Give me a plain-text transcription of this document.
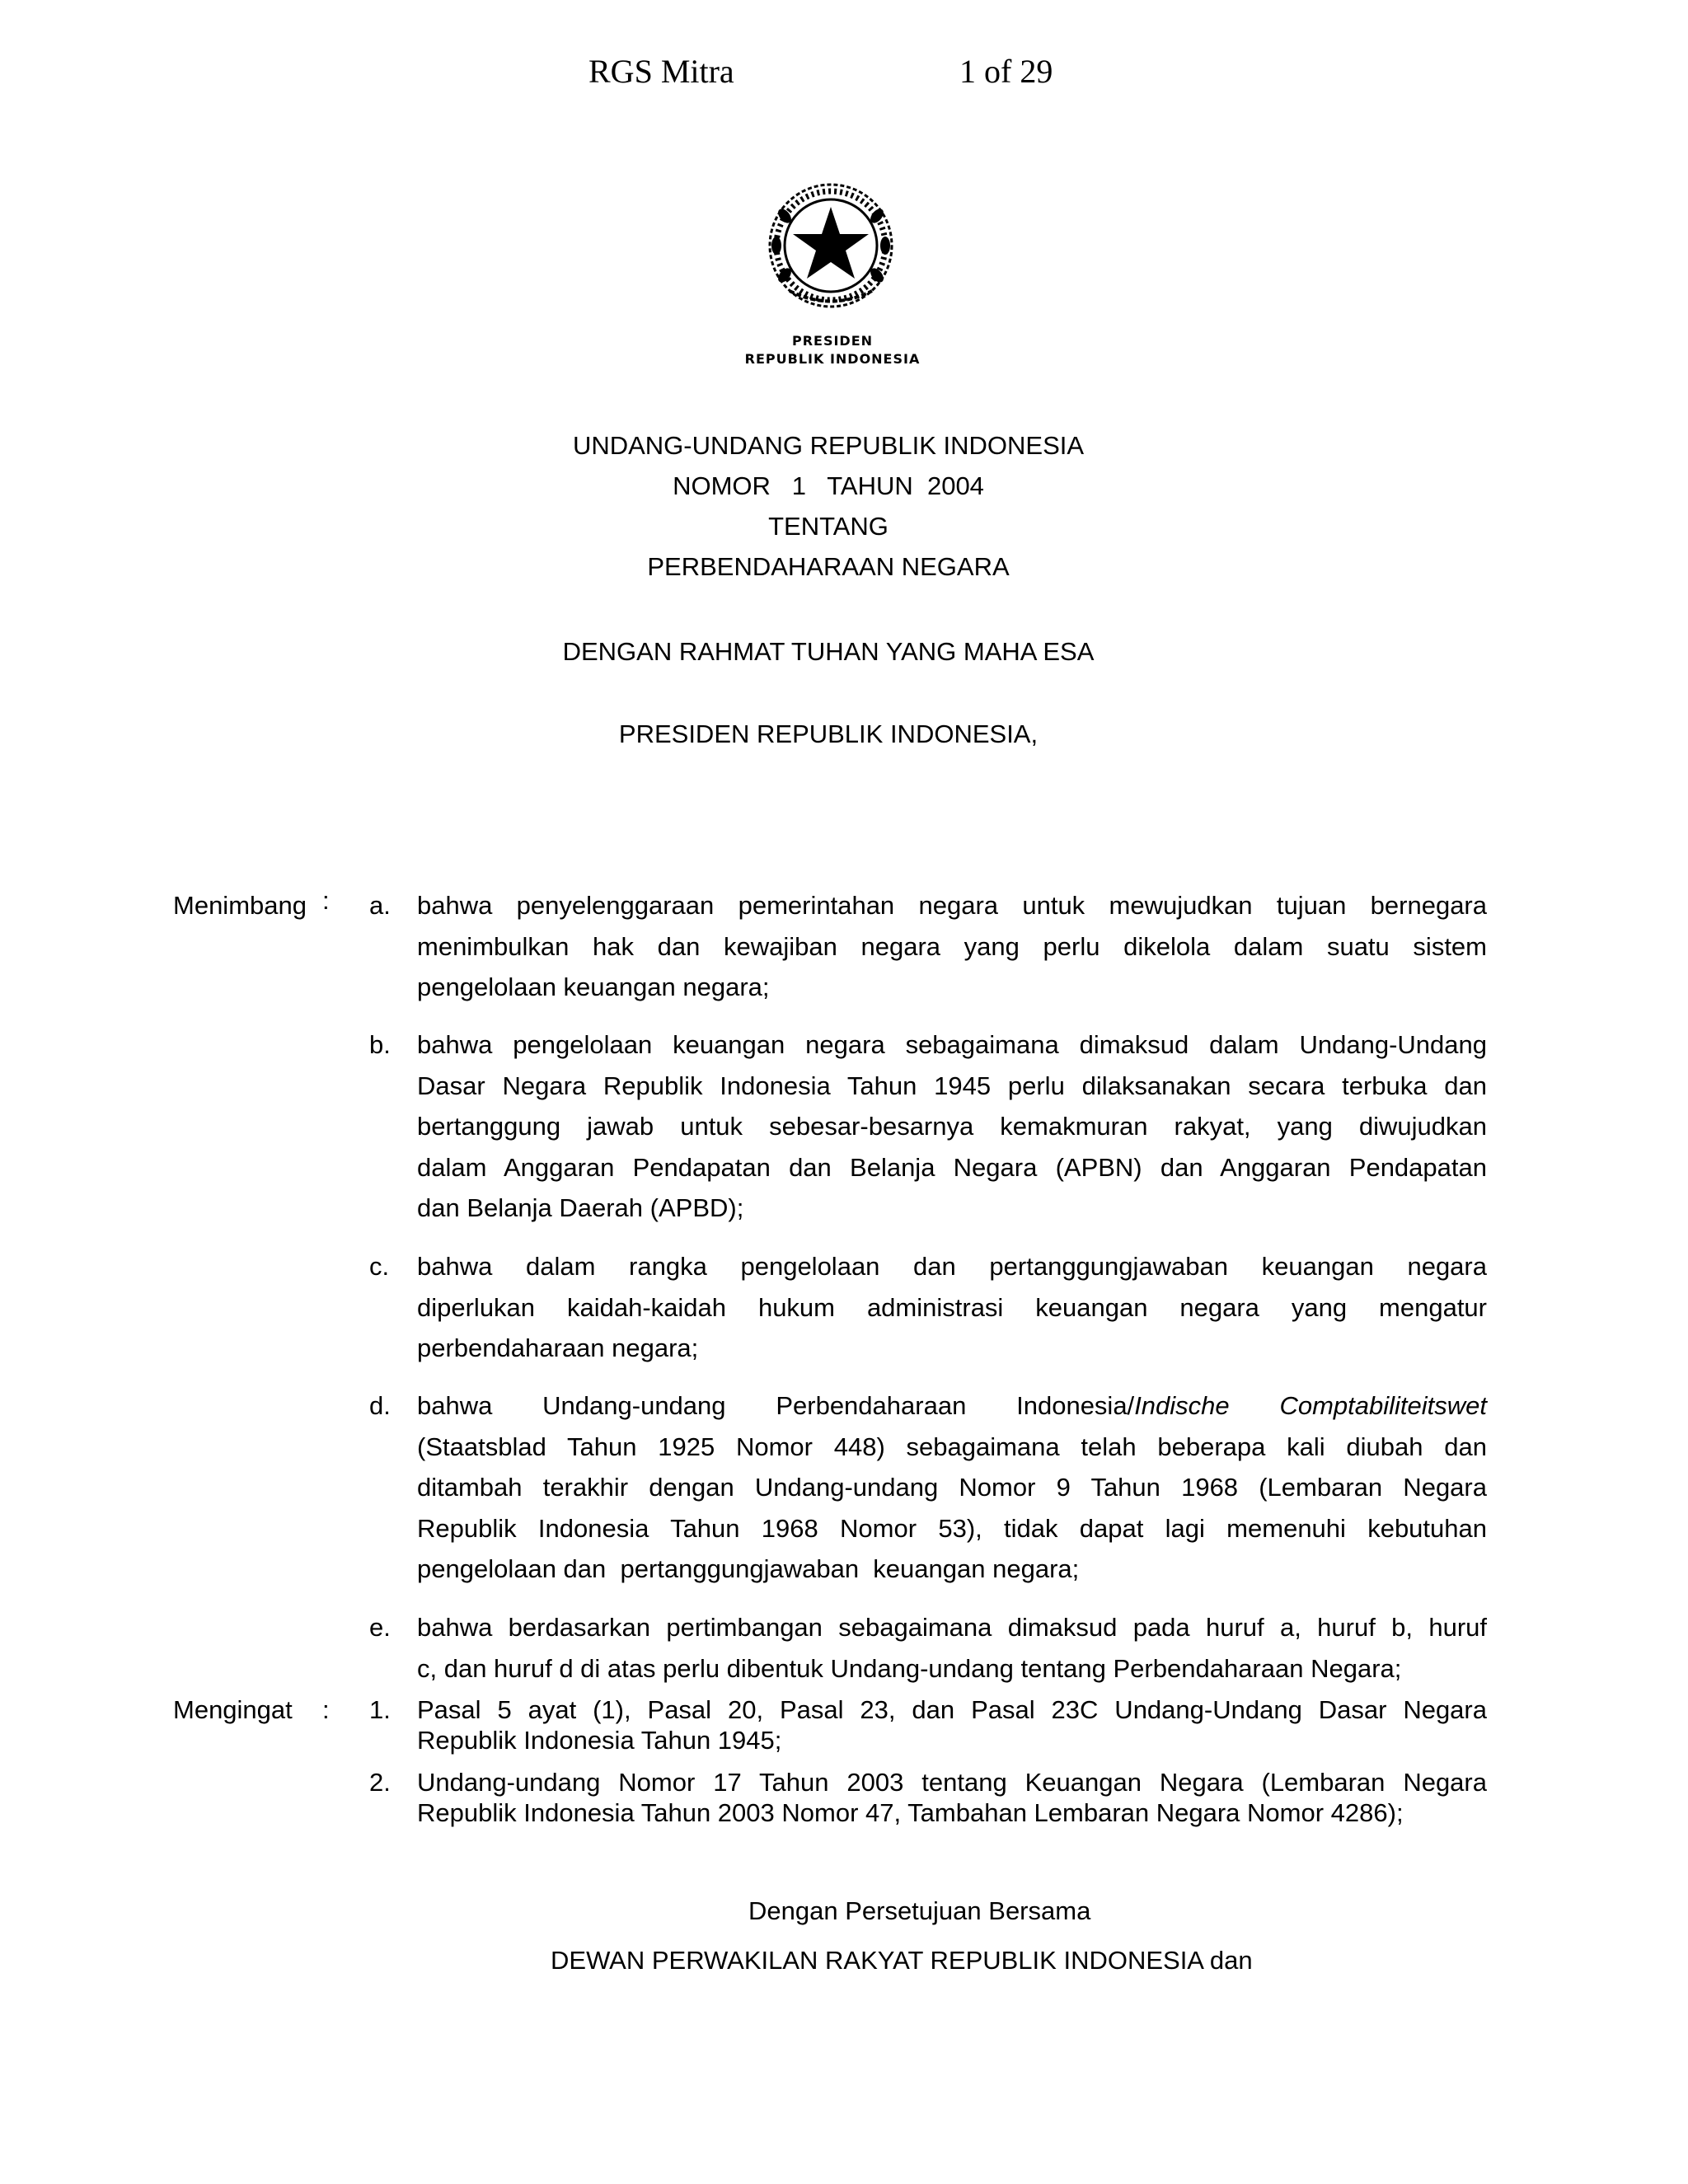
RGS Mitra	1 of 29
PRESIDEN
REPUBLIK INDONESIA
UNDANG-UNDANG REPUBLIK INDONESIA
NOMOR   1   TAHUN  2004
TENTANG
PERBENDAHARAAN NEGARA
DENGAN RAHMAT TUHAN YANG MAHA ESA
PRESIDEN REPUBLIK INDONESIA,
Menimbang : a. bahwa penyelenggaraan pemerintahan negara untuk mewujudkan tujuan bernegara
menimbulkan hak dan kewajiban negara yang perlu dikelola dalam suatu sistem
pengelolaan keuangan negara;
b. bahwa pengelolaan keuangan negara sebagaimana dimaksud dalam Undang-Undang
Dasar Negara Republik Indonesia Tahun 1945 perlu dilaksanakan secara terbuka dan
bertanggung jawab untuk sebesar-besarnya kemakmuran rakyat, yang diwujudkan
dalam Anggaran Pendapatan dan Belanja Negara (APBN) dan Anggaran Pendapatan
dan Belanja Daerah (APBD);
c. bahwa dalam rangka pengelolaan dan pertanggungjawaban keuangan negara
diperlukan kaidah-kaidah hukum administrasi keuangan negara yang mengatur
perbendaharaan negara;
d. bahwa Undang-undang Perbendaharaan Indonesia/Indische Comptabiliteitswet
(Staatsblad Tahun 1925 Nomor 448) sebagaimana telah beberapa kali diubah dan
ditambah terakhir dengan Undang-undang Nomor 9 Tahun 1968 (Lembaran Negara
Republik Indonesia Tahun 1968 Nomor 53), tidak dapat lagi memenuhi kebutuhan
pengelolaan dan  pertanggungjawaban  keuangan negara;
e. bahwa berdasarkan pertimbangan sebagaimana dimaksud pada huruf a, huruf b, huruf
c, dan huruf d di atas perlu dibentuk Undang-undang tentang Perbendaharaan Negara;
Mengingat : 1. Pasal 5 ayat (1), Pasal 20, Pasal 23, dan Pasal 23C Undang-Undang Dasar Negara
Republik Indonesia Tahun 1945;
2. Undang-undang Nomor 17 Tahun 2003 tentang Keuangan Negara (Lembaran Negara
Republik Indonesia Tahun 2003 Nomor 47, Tambahan Lembaran Negara Nomor 4286);
Dengan Persetujuan Bersama
DEWAN PERWAKILAN RAKYAT REPUBLIK INDONESIA dan
